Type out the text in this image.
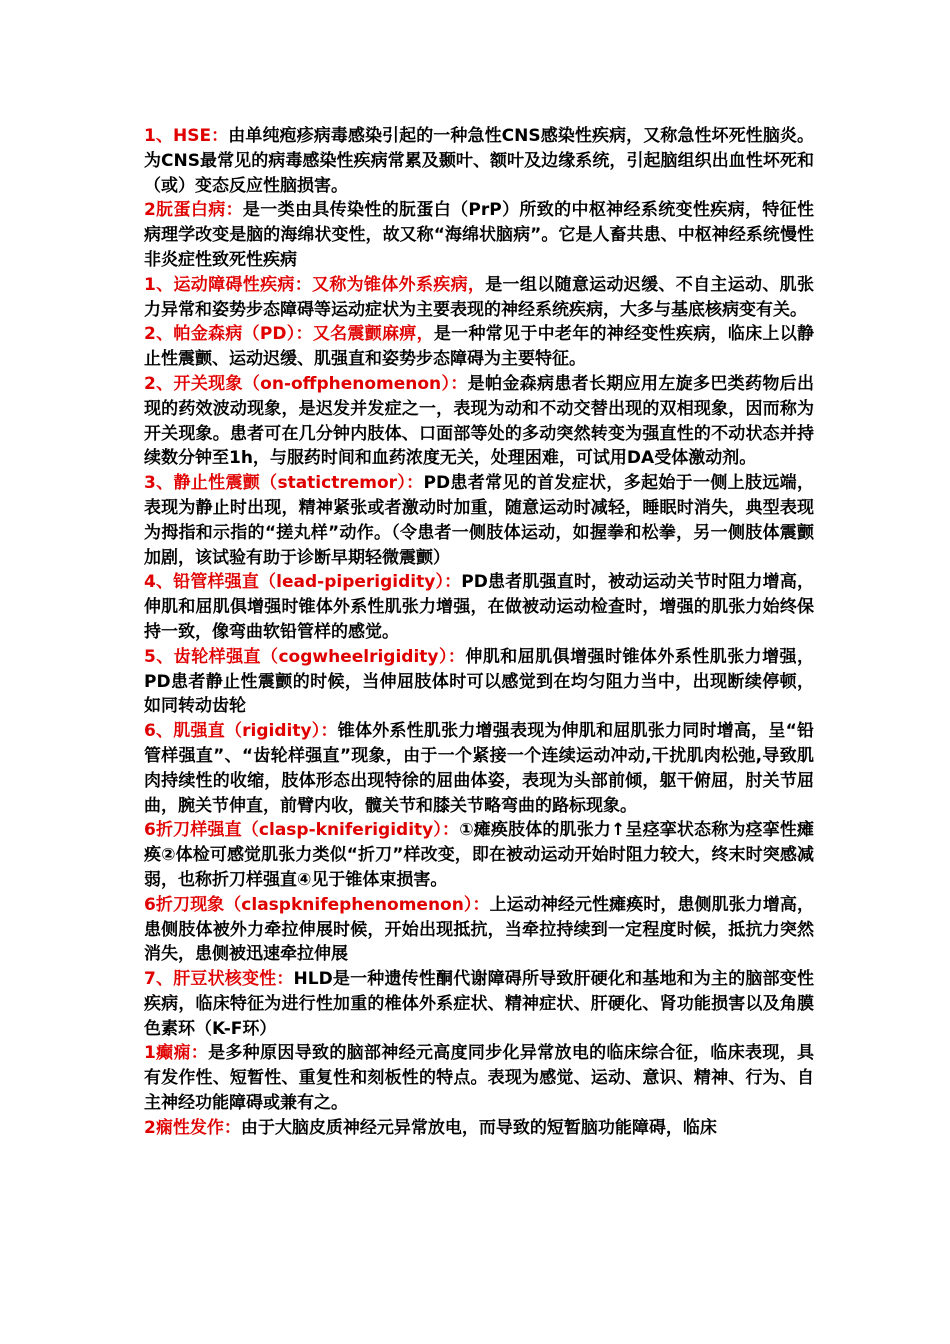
1、HSE：由单纯疱疹病毒感染引起的一种急性CNS感染性疾病，又称急性坏死性脑炎。为CNS最常见的病毒感染性疾病常累及颞叶、额叶及边缘系统，引起脑组织出血性坏死和（或）变态反应性脑损害。

2朊蛋白病：是一类由具传染性的朊蛋白（PrP）所致的中枢神经系统变性疾病，特征性病理学改变是脑的海绵状变性，故又称“海绵状脑病”。它是人畜共患、中枢神经系统慢性非炎症性致死性疾病

1、运动障碍性疾病：又称为锥体外系疾病，是一组以随意运动迟缓、不自主运动、肌张力异常和姿势步态障碍等运动症状为主要表现的神经系统疾病，大多与基底核病变有关。

2、帕金森病（PD）：又名震颤麻痹，是一种常见于中老年的神经变性疾病，临床上以静止性震颤、运动迟缓、肌强直和姿势步态障碍为主要特征。

2、开关现象（on-offphenomenon）：是帕金森病患者长期应用左旋多巴类药物后出现的药效波动现象，是迟发并发症之一，表现为动和不动交替出现的双相现象，因而称为开关现象。患者可在几分钟内肢体、口面部等处的多动突然转变为强直性的不动状态并持续数分钟至1h，与服药时间和血药浓度无关，处理困难，可试用DA受体激动剂。

3、静止性震颤（statictremor）：PD患者常见的首发症状，多起始于一侧上肢远端，表现为静止时出现，精神紧张或者激动时加重，随意运动时减轻，睡眠时消失，典型表现为拇指和示指的“搓丸样”动作。（令患者一侧肢体运动，如握拳和松拳，另一侧肢体震颤加剧，该试验有助于诊断早期轻微震颤）

4、铅管样强直（lead-piperigidity）：PD患者肌强直时，被动运动关节时阻力增高，伸肌和屈肌俱增强时锥体外系性肌张力增强，在做被动运动检查时，增强的肌张力始终保持一致，像弯曲软铅管样的感觉。

5、齿轮样强直（cogwheelrigidity）：伸肌和屈肌俱增强时锥体外系性肌张力增强，PD患者静止性震颤的时候，当伸屈肢体时可以感觉到在均匀阻力当中，出现断续停顿，如同转动齿轮

6、肌强直（rigidity）：锥体外系性肌张力增强表现为伸肌和屈肌张力同时增高，呈“铅管样强直”、“齿轮样强直”现象，由于一个紧接一个连续运动冲动,干扰肌肉松弛,导致肌肉持续性的收缩，肢体形态出现特徐的屈曲体姿，表现为头部前倾，躯干俯屈，肘关节屈曲，腕关节伸直，前臂内收，髋关节和膝关节略弯曲的路标现象。

6折刀样强直（clasp-kniferigidity）：①瘫痪肢体的肌张力↑呈痉挛状态称为痉挛性瘫痪②体检可感觉肌张力类似“折刀”样改变，即在被动运动开始时阻力较大，终末时突感减弱，也称折刀样强直④见于锥体束损害。

6折刀现象（claspknifephenomenon）：上运动神经元性瘫痪时，患侧肌张力增高，患侧肢体被外力牵拉伸展时候，开始出现抵抗，当牵拉持续到一定程度时候，抵抗力突然消失，患侧被迅速牵拉伸展

7、肝豆状核变性：HLD是一种遗传性酮代谢障碍所导致肝硬化和基地和为主的脑部变性疾病，临床特征为进行性加重的椎体外系症状、精神症状、肝硬化、肾功能损害以及角膜色素环（K-F环）

1癫痫：是多种原因导致的脑部神经元高度同步化异常放电的临床综合征，临床表现，具有发作性、短暂性、重复性和刻板性的特点。表现为感觉、运动、意识、精神、行为、自主神经功能障碍或兼有之。

2痫性发作：由于大脑皮质神经元异常放电，而导致的短暂脑功能障碍，临床
